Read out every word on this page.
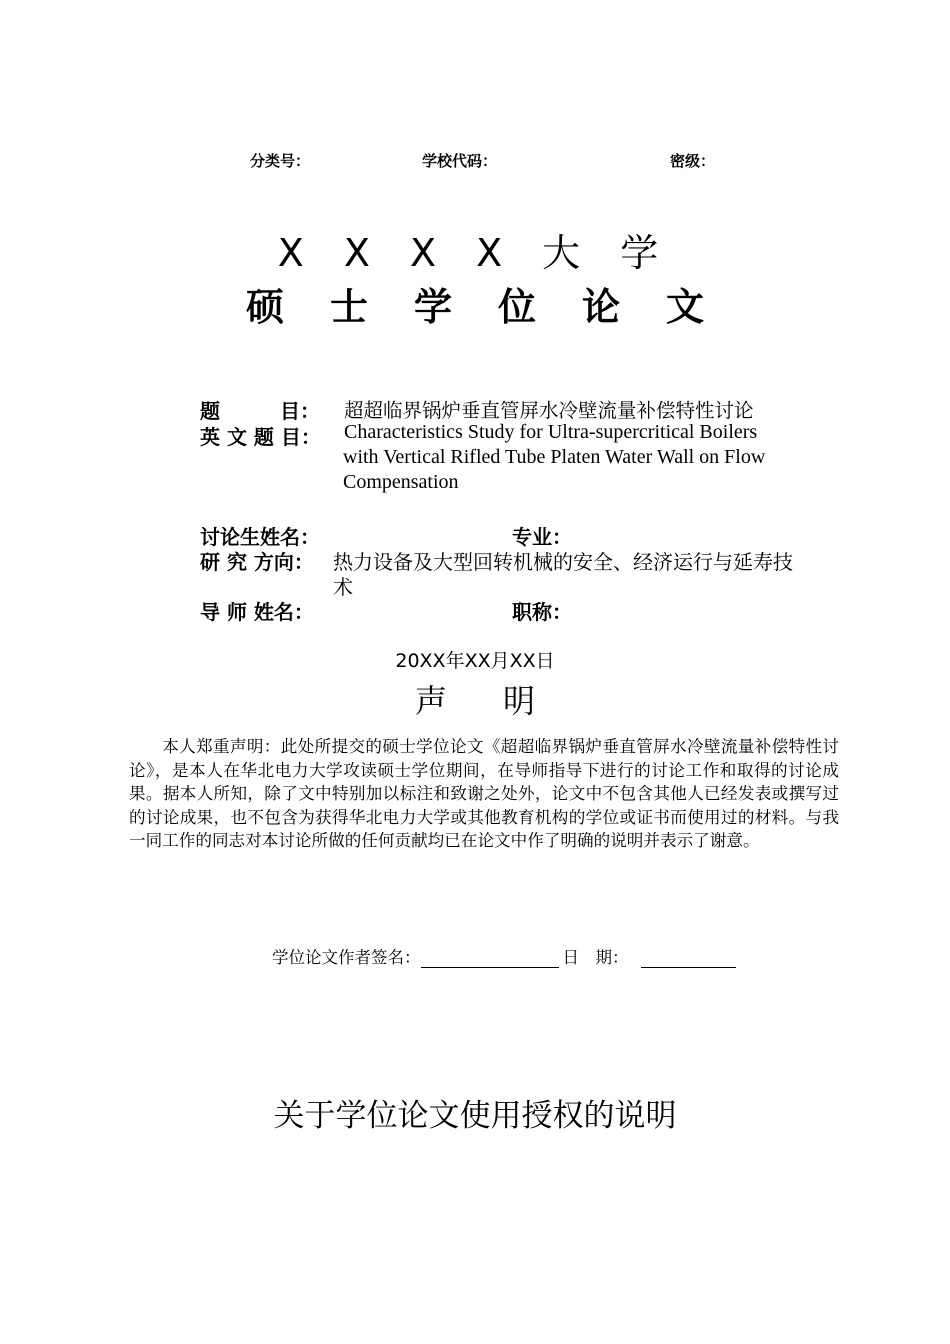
分类号：	学校代码：	密级：
X X X X 大 学
硕 士 学 位 论 文
题　　　目： 超超临界锅炉垂直管屏水冷壁流量补偿特性讨论
英 文 题 目： Characteristics Study for Ultra-supercritical Boilers
with Vertical Rifled Tube Platen Water Wall on Flow
Compensation
讨论生姓名：	专业：
研 究 方向： 热力设备及大型回转机械的安全、经济运行与延寿技
术
导 师 姓名：	职称：
20XX年XX月XX日
声 明
本人郑重声明：此处所提交的硕士学位论文《超超临界锅炉垂直管屏水冷壁流量补偿特性讨论》，是本人在华北电力大学攻读硕士学位期间，在导师指导下进行的讨论工作和取得的讨论成果。据本人所知，除了文中特别加以标注和致谢之处外，论文中不包含其他人已经发表或撰写过的讨论成果，也不包含为获得华北电力大学或其他教育机构的学位或证书而使用过的材料。与我一同工作的同志对本讨论所做的任何贡献均已在论文中作了明确的说明并表示了谢意。
学位论文作者签名：	日　期：
关于学位论文使用授权的说明
